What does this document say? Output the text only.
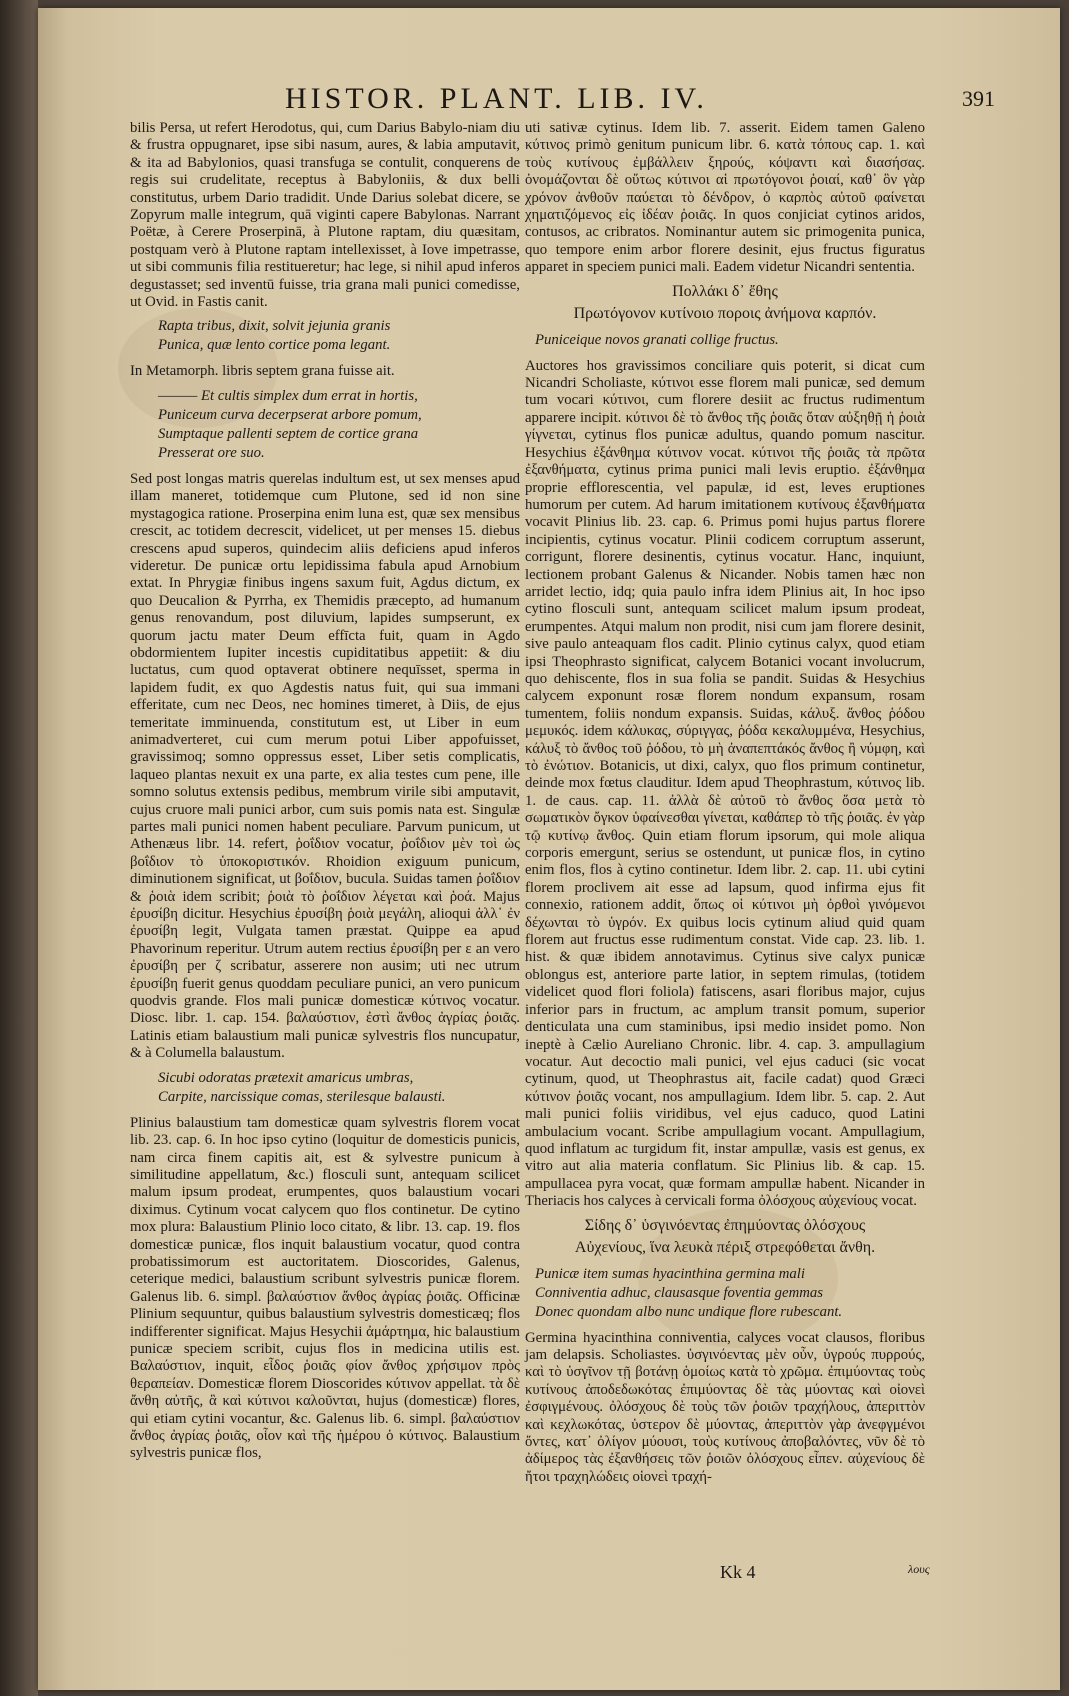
HISTOR. PLANT. LIB. IV.	391

bilis Persa, ut refert Herodotus, qui, cum Darius Babylo-niam diu & frustra oppugnaret, ipse sibi nasum, aures, & labia amputavit, & ita ad Babylonios, quasi transfuga se contulit, conquerens de regis sui crudelitate, receptus à Babyloniis, & dux belli constitutus, urbem Dario tradidit. Unde Darius solebat dicere, se Zopyrum malle integrum, quā viginti capere Babylonas. Narrant Poëtæ, à Cerere Proserpinā, à Plutone raptam, diu quæsitam, postquam verò à Plutone raptam intellexisset, à Iove impetrasse, ut sibi communis filia restitueretur; hac lege, si nihil apud inferos degustasset; sed inventū fuisse, tria grana mali punici comedisse, ut Ovid. in Fastis canit.

Rapta tribus, dixit, solvit jejunia granis
Punica, quæ lento cortice poma legant.

In Metamorph. libris septem grana fuisse ait.

——— Et cultis simplex dum errat in hortis,
Puniceum curva decerpserat arbore pomum,
Sumptaque pallenti septem de cortice grana
Presserat ore suo.

Sed post longas matris querelas indultum est, ut sex menses apud illam maneret, totidemque cum Plutone, sed id non sine mystagogica ratione. Proserpina enim luna est, quæ sex mensibus crescit, ac totidem decrescit, videlicet, ut per menses 15. diebus crescens apud superos, quindecim aliis deficiens apud inferos videretur. De punicæ ortu lepidissima fabula apud Arnobium extat. In Phrygiæ finibus ingens saxum fuit, Agdus dictum, ex quo Deucalion & Pyrrha, ex Themidis præcepto, ad humanum genus renovandum, post diluvium, lapides sumpserunt, ex quorum jactu mater Deum effīcta fuit, quam in Agdo obdormientem Iupiter incestis cupiditatibus appetiit: & diu luctatus, cum quod optaverat obtinere nequīsset, sperma in lapidem fudit, ex quo Agdestis natus fuit, qui sua immani efferitate, cum nec Deos, nec homines timeret, à Diis, de ejus temeritate imminuenda, constitutum est, ut Liber in eum animadverteret, cui cum merum potui Liber appofuisset, gravissimoq; somno oppressus esset, Liber setis complicatis, laqueo plantas nexuit ex una parte, ex alia testes cum pene, ille somno solutus extensis pedibus, membrum virile sibi amputavit, cujus cruore mali punici arbor, cum suis pomis nata est. Singulæ partes mali punici nomen habent peculiare. Parvum punicum, ut Athenæus libr. 14. refert, ῥοΐδιον vocatur, ῥοΐδιον μὲν τοὶ ὡς βοΐδιον τὸ ὑποκοριστικόν. Rhoidion exiguum punicum, diminutionem significat, ut βοΐδιον, bucula. Suidas tamen ῥοΐδιον & ῥοιὰ idem scribit; ῥοιὰ τὸ ῥοΐδιον λέγεται καὶ ῥοά. Majus ἐρυσίβη dicitur. Hesychius ἐρυσίβη ῥοιὰ μεγάλη, alioqui ἀλλ᾽ ἐν ἐρυσίβη legit, Vulgata tamen præstat. Quippe ea apud Phavorinum reperitur. Utrum autem rectius ἐρυσίβη per ε an vero ἐρυσίβη per ζ scribatur, asserere non ausim; uti nec utrum ἐρυσίβη fuerit genus quoddam peculiare punici, an vero punicum quodvis grande. Flos mali punicæ domesticæ κύτινος vocatur. Diosc. libr. 1. cap. 154. βαλαύστιον, ἐστὶ ἄνθος ἀγρίας ῥοιᾶς. Latinis etiam balaustium mali punicæ sylvestris flos nuncupatur, & à Columella balaustum.

Sicubi odoratas prætexit amaricus umbras,
Carpite, narcissique comas, sterilesque balausti.

Plinius balaustium tam domesticæ quam sylvestris florem vocat lib. 23. cap. 6. In hoc ipso cytino (loquitur de domesticis punicis, nam circa finem capitis ait, est & sylvestre punicum à similitudine appellatum, &c.) flosculi sunt, antequam scilicet malum ipsum prodeat, erumpentes, quos balaustium vocari diximus. Cytinum vocat calycem quo flos continetur. De cytino mox plura: Balaustium Plinio loco citato, & libr. 13. cap. 19. flos domesticæ punicæ, flos inquit balaustium vocatur, quod contra probatissimorum est auctoritatem. Dioscorides, Galenus, ceterique medici, balaustium scribunt sylvestris punicæ florem. Galenus lib. 6. simpl. βαλαύστιον ἄνθος ἀγρίας ῥοιᾶς. Officinæ Plinium sequuntur, quibus balaustium sylvestris domesticæq; flos indifferenter significat. Majus Hesychii ἀμάρτημα, hic balaustium punicæ speciem scribit, cujus flos in medicina utilis est. Βαλαύστιον, inquit, εἶδος ῥοιᾶς φίον ἄνθος χρήσιμον πρὸς θεραπείαν. Domesticæ florem Dioscorides κύτινον appellat. τὰ δὲ ἄνθη αὐτῆς, ἃ καὶ κύτινοι καλοῦνται, hujus (domesticæ) flores, qui etiam cytini vocantur, &c. Galenus lib. 6. simpl. βαλαύστιον ἄνθος ἀγρίας ῥοιᾶς, οἷον καὶ τῆς ἡμέρου ὁ κύτινος. Balaustium sylvestris punicæ flos,

uti sativæ cytinus. Idem lib. 7. asserit. Eidem tamen Galeno κύτινος primò genitum punicum libr. 6. κατὰ τόπους cap. 1. καὶ τοὺς κυτίνους ἐμβάλλειν ξηρούς, κόψαντι καὶ διασήσας. ὀνομάζονται δὲ οὕτως κύτινοι αἱ πρωτόγονοι ῥοιαί, καθ᾽ ὃν γὰρ χρόνον ἀνθοῦν παύεται τὸ δένδρον, ὁ καρπὸς αὐτοῦ φαίνεται χηματιζόμενος εἰς ἰδέαν ῥοιᾶς. In quos conjiciat cytinos aridos, contusos, ac cribratos. Nominantur autem sic primogenita punica, quo tempore enim arbor florere desinit, ejus fructus figuratus apparet in speciem punici mali. Eadem videtur Nicandri sententia.

Πολλάκι δ᾽ ἔθης
Πρωτόγονον κυτίνοιο ποροις ἀνήμονα καρπόν.
Puniceique novos granati collige fructus.

Auctores hos gravissimos conciliare quis poterit, si dicat cum Nicandri Scholiaste, κύτινοι esse florem mali punicæ, sed demum tum vocari κύτινοι, cum florere desiit ac fructus rudimentum apparere incipit. κύτινοι δὲ τὸ ἄνθος τῆς ῥοιᾶς ὅταν αὐξηθῇ ἡ ῥοιὰ γίγνεται, cytinus flos punicæ adultus, quando pomum nascitur. Hesychius ἐξάνθημα κύτινον vocat. κύτινοι τῆς ῥοιᾶς τὰ πρῶτα ἐξανθήματα, cytinus prima punici mali levis eruptio. ἐξάνθημα proprie efflorescentia, vel papulæ, id est, leves eruptiones humorum per cutem. Ad harum imitationem κυτίνους ἐξανθήματα vocavit Plinius lib. 23. cap. 6. Primus pomi hujus partus florere incipientis, cytinus vocatur. Plinii codicem corruptum asserunt, corrigunt, florere desinentis, cytinus vocatur. Hanc, inquiunt, lectionem probant Galenus & Nicander. Nobis tamen hæc non arridet lectio, idq; quia paulo infra idem Plinius ait, In hoc ipso cytino flosculi sunt, antequam scilicet malum ipsum prodeat, erumpentes. Atqui malum non prodit, nisi cum jam florere desinit, sive paulo anteaquam flos cadit. Plinio cytinus calyx, quod etiam ipsi Theophrasto significat, calycem Botanici vocant involucrum, quo dehiscente, flos in sua folia se pandit. Suidas & Hesychius calycem exponunt rosæ florem nondum expansum, rosam tumentem, foliis nondum expansis. Suidas, κάλυξ. ἄνθος ῥόδου μεμυκός. idem κάλυκας, σύριγγας, ῥόδα κεκαλυμμένα, Hesychius, κάλυξ τὸ ἄνθος τοῦ ῥόδου, τὸ μὴ ἀναπεπτάκός ἄνθος ἢ νύμφη, καὶ τὸ ἐνώτιον. Botanicis, ut dixi, calyx, quo flos primum continetur, deinde mox fœtus clauditur. Idem apud Theophrastum, κύτινος lib. 1. de caus. cap. 11. ἀλλὰ δὲ αὐτοῦ τὸ ἄνθος ὅσα μετὰ τὸ σωματικὸν ὄγκον ὑφαίνεσθαι γίνεται, καθάπερ τὸ τῆς ῥοιᾶς. ἐν γὰρ τῷ κυτίνῳ ἄνθος. Quin etiam florum ipsorum, qui mole aliqua corporis emergunt, serius se ostendunt, ut punicæ flos, in cytino enim flos, flos à cytino continetur. Idem libr. 2. cap. 11. ubi cytini florem proclivem ait esse ad lapsum, quod infirma ejus fit connexio, rationem addit, ὅπως οἱ κύτινοι μὴ ὀρθοὶ γινόμενοι δέχωνται τὸ ὑγρόν. Ex quibus locis cytinum aliud quid quam florem aut fructus esse rudimentum constat. Vide cap. 23. lib. 1. hist. & quæ ibidem annotavimus. Cytinus sive calyx punicæ oblongus est, anteriore parte latior, in septem rimulas, (totidem videlicet quod flori foliola) fatiscens, asari floribus major, cujus inferior pars in fructum, ac amplum transit pomum, superior denticulata una cum staminibus, ipsi medio insidet pomo. Non ineptè à Cælio Aureliano Chronic. libr. 4. cap. 3. ampullagium vocatur. Aut decoctio mali punici, vel ejus caduci (sic vocat cytinum, quod, ut Theophrastus ait, facile cadat) quod Græci κύτινον ῥοιᾶς vocant, nos ampullagium. Idem libr. 5. cap. 2. Aut mali punici foliis viridibus, vel ejus caduco, quod Latini ambulacium vocant. Scribe ampullagium vocant. Ampullagium, quod inflatum ac turgidum fit, instar ampullæ, vasis est genus, ex vitro aut alia materia conflatum. Sic Plinius lib. & cap. 15. ampullacea pyra vocat, quæ formam ampullæ habent. Nicander in Theriacis hos calyces à cervicali forma ὀλόσχους αὐχενίους vocat.

Σίδης δ᾽ ὑσγινόεντας ἐπημύοντας ὀλόσχους
Αὐχενίους, ἵνα λευκὰ πέριξ στρεφόθεται ἄνθη.
Punicæ item sumas hyacinthina germina mali
Conniventia adhuc, clausasque foventia gemmas
Donec quondam albo nunc undique flore rubescant.

Germina hyacinthina conniventia, calyces vocat clausos, floribus jam delapsis. Scholiastes. ὑσγινόεντας μὲν οὖν, ὑγρούς πυρρούς, καὶ τὸ ὑσγῖνον τῇ βοτάνῃ ὁμοίως κατὰ τὸ χρῶμα. ἐπιμύοντας τοὺς κυτίνους ἀποδεδωκότας ἐπιμύοντας δὲ τὰς μύοντας καὶ οἰονεὶ ἐσφιγμένους. ὀλόσχους δὲ τοὺς τῶν ῥοιῶν τραχήλους, ἀπεριττὸν καὶ κεχλωκότας, ὑστερον δὲ μύοντας, ἀπεριττὸν γὰρ ἀνεφγμένοι ὄντες, κατ᾽ ὀλίγον μύουσι, τοὺς κυτίνους ἀποβαλόντες, νῦν δὲ τὸ ἀδίμερος τὰς ἐξανθήσεις τῶν ῥοιῶν ὀλόσχους εἶπεν. αὐχενίους δὲ ἤτοι τραχηλώδεις οἱονεὶ τραχή-

Kk 4	λους
